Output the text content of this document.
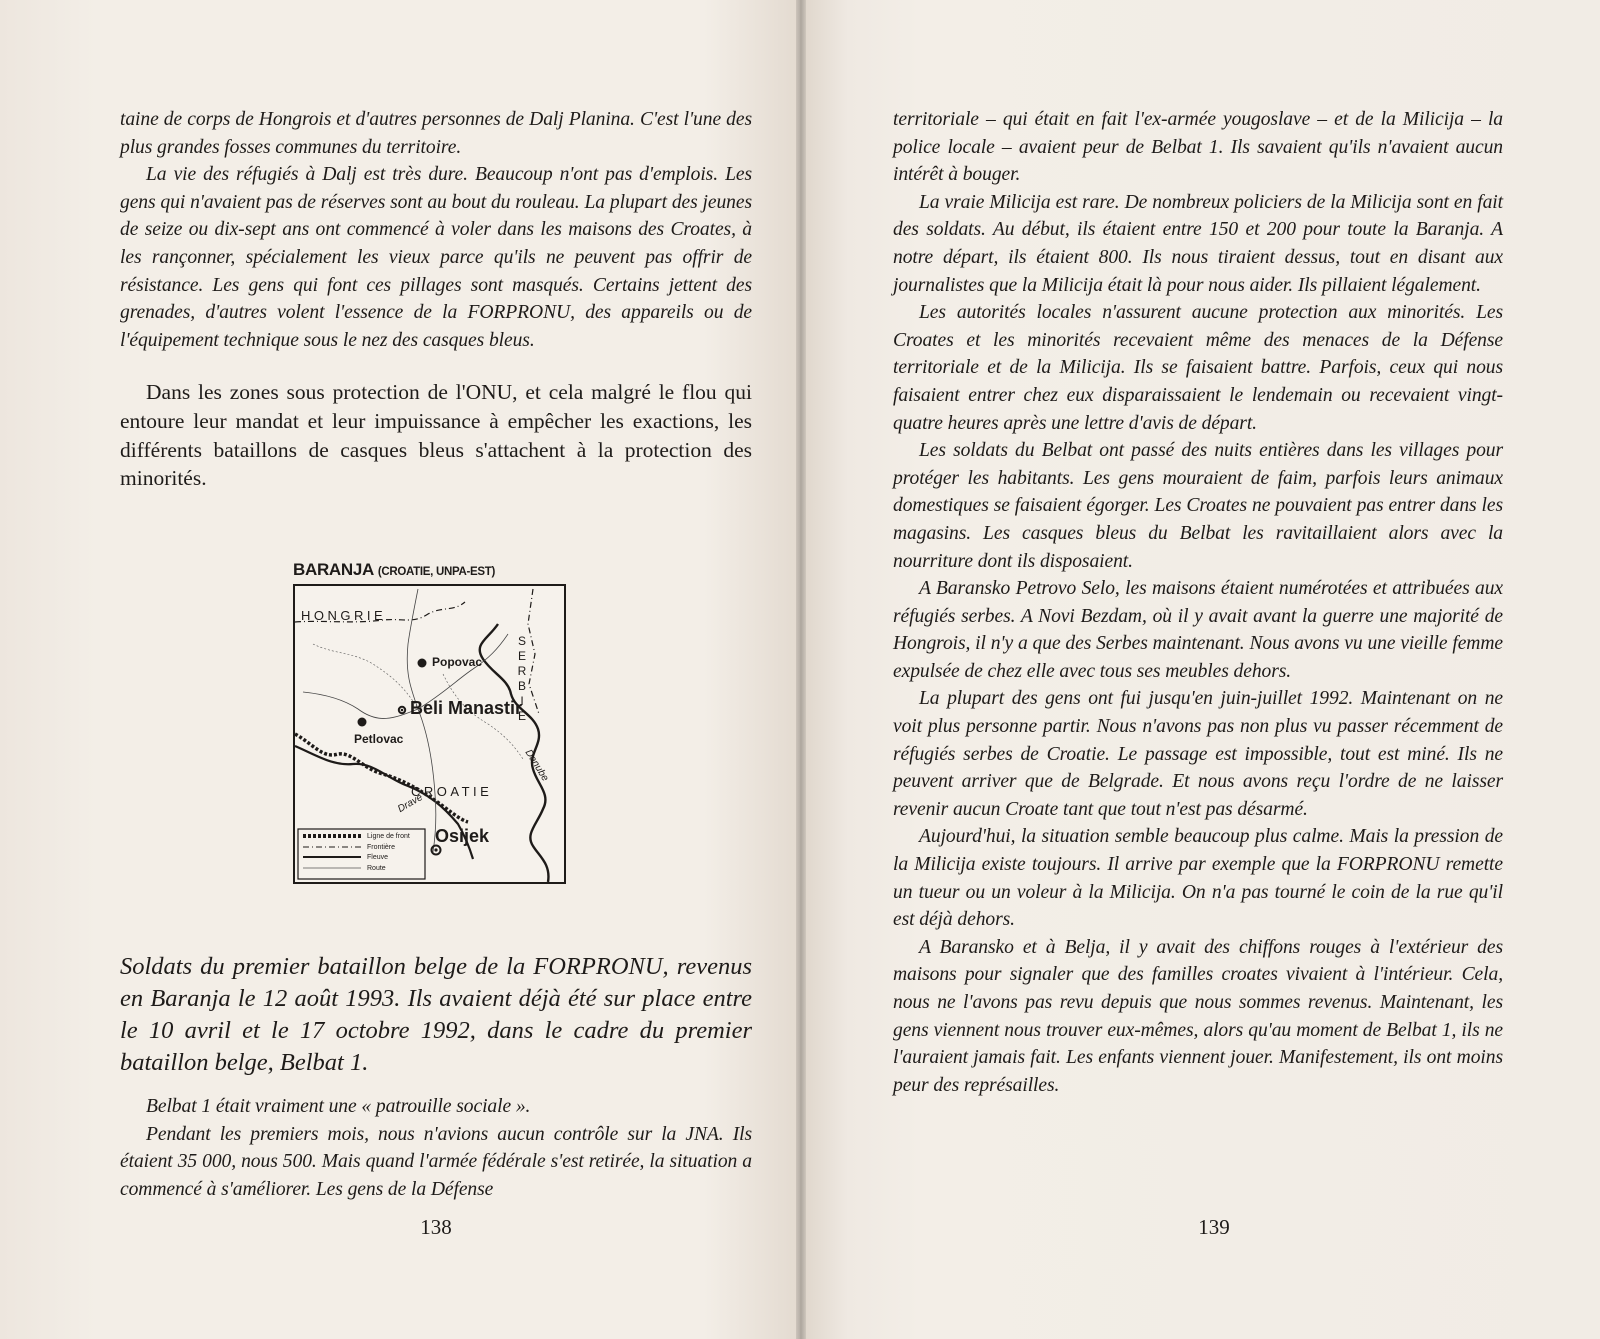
taine de corps de Hongrois et d'autres personnes de Dalj Planina. C'est l'une des plus grandes fosses communes du territoire.

La vie des réfugiés à Dalj est très dure. Beaucoup n'ont pas d'emplois. Les gens qui n'avaient pas de réserves sont au bout du rouleau. La plupart des jeunes de seize ou dix-sept ans ont commencé à voler dans les maisons des Croates, à les rançonner, spécialement les vieux parce qu'ils ne peuvent pas offrir de résistance. Les gens qui font ces pillages sont masqués. Certains jettent des grenades, d'autres volent l'essence de la FORPRONU, des appareils ou de l'équipement technique sous le nez des casques bleus.

Dans les zones sous protection de l'ONU, et cela malgré le flou qui entoure leur mandat et leur impuissance à empêcher les exactions, les différents bataillons de casques bleus s'attachent à la protection des minorités.

BARANJA (CROATIE, UNPA-EST)
HONGRIE
CROATIE
SERBIE
Popovac
Beli Manastir
Petlovac
Osijek
Danube
Drave
Ligne de front
Frontière
Fleuve
Route

Soldats du premier bataillon belge de la FORPRONU, revenus en Baranja le 12 août 1993. Ils avaient déjà été sur place entre le 10 avril et le 17 octobre 1992, dans le cadre du premier bataillon belge, Belbat 1.

Belbat 1 était vraiment une « patrouille sociale ».

Pendant les premiers mois, nous n'avions aucun contrôle sur la JNA. Ils étaient 35 000, nous 500. Mais quand l'armée fédérale s'est retirée, la situation a commencé à s'améliorer. Les gens de la Défense

138

territoriale – qui était en fait l'ex-armée yougoslave – et de la Milicija – la police locale – avaient peur de Belbat 1. Ils savaient qu'ils n'avaient aucun intérêt à bouger.

La vraie Milicija est rare. De nombreux policiers de la Milicija sont en fait des soldats. Au début, ils étaient entre 150 et 200 pour toute la Baranja. A notre départ, ils étaient 800. Ils nous tiraient dessus, tout en disant aux journalistes que la Milicija était là pour nous aider. Ils pillaient légalement.

Les autorités locales n'assurent aucune protection aux minorités. Les Croates et les minorités recevaient même des menaces de la Défense territoriale et de la Milicija. Ils se faisaient battre. Parfois, ceux qui nous faisaient entrer chez eux disparaissaient le lendemain ou recevaient vingt-quatre heures après une lettre d'avis de départ.

Les soldats du Belbat ont passé des nuits entières dans les villages pour protéger les habitants. Les gens mouraient de faim, parfois leurs animaux domestiques se faisaient égorger. Les Croates ne pouvaient pas entrer dans les magasins. Les casques bleus du Belbat les ravitaillaient alors avec la nourriture dont ils disposaient.

A Baransko Petrovo Selo, les maisons étaient numérotées et attribuées aux réfugiés serbes. A Novi Bezdam, où il y avait avant la guerre une majorité de Hongrois, il n'y a que des Serbes maintenant. Nous avons vu une vieille femme expulsée de chez elle avec tous ses meubles dehors.

La plupart des gens ont fui jusqu'en juin-juillet 1992. Maintenant on ne voit plus personne partir. Nous n'avons pas non plus vu passer récemment de réfugiés serbes de Croatie. Le passage est impossible, tout est miné. Ils ne peuvent arriver que de Belgrade. Et nous avons reçu l'ordre de ne laisser revenir aucun Croate tant que tout n'est pas désarmé.

Aujourd'hui, la situation semble beaucoup plus calme. Mais la pression de la Milicija existe toujours. Il arrive par exemple que la FORPRONU remette un tueur ou un voleur à la Milicija. On n'a pas tourné le coin de la rue qu'il est déjà dehors.

A Baransko et à Belja, il y avait des chiffons rouges à l'extérieur des maisons pour signaler que des familles croates vivaient à l'intérieur. Cela, nous ne l'avons pas revu depuis que nous sommes revenus. Maintenant, les gens viennent nous trouver eux-mêmes, alors qu'au moment de Belbat 1, ils ne l'auraient jamais fait. Les enfants viennent jouer. Manifestement, ils ont moins peur des représailles.

139
